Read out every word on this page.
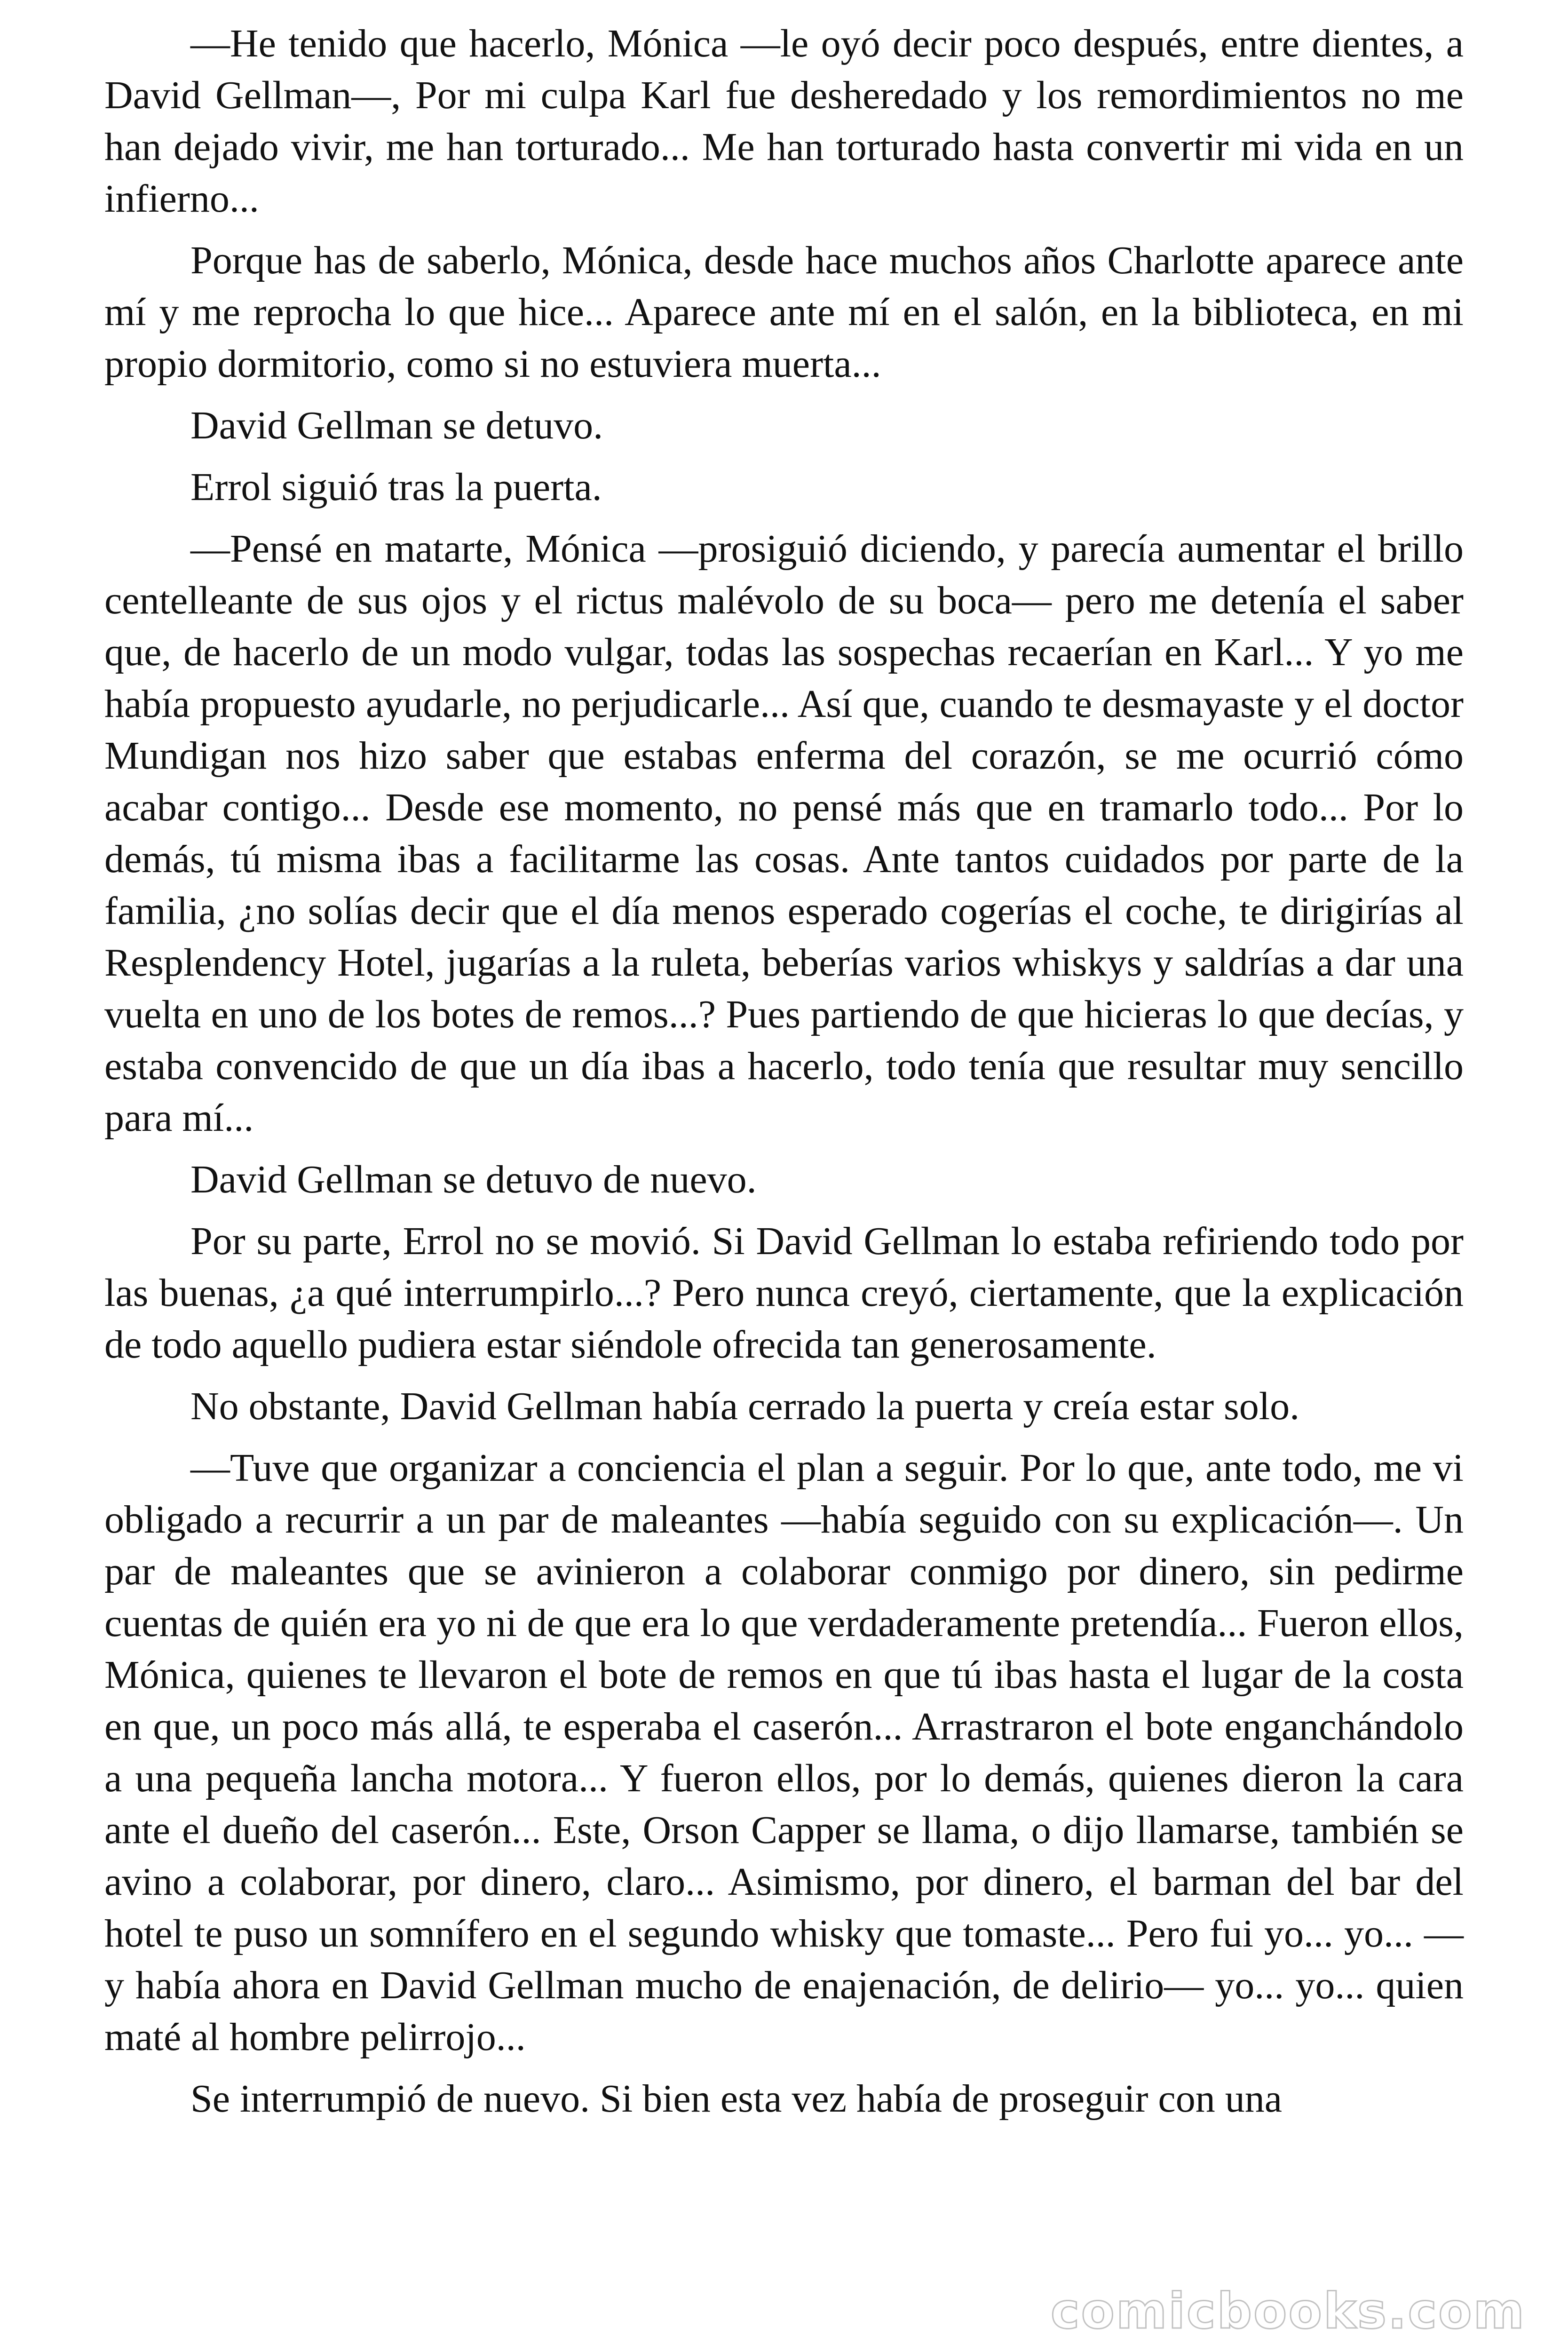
—He tenido que hacerlo, Mónica —le oyó decir poco después, entre dientes, a David Gellman—, Por mi culpa Karl fue desheredado y los remordimientos no me han dejado vivir, me han torturado... Me han torturado hasta convertir mi vida en un infierno...

Porque has de saberlo, Mónica, desde hace muchos años Charlotte aparece ante mí y me reprocha lo que hice... Aparece ante mí en el salón, en la biblioteca, en mi propio dormitorio, como si no estuviera muerta...

David Gellman se detuvo.

Errol siguió tras la puerta.

—Pensé en matarte, Mónica —prosiguió diciendo, y parecía aumentar el brillo centelleante de sus ojos y el rictus malévolo de su boca— pero me detenía el saber que, de hacerlo de un modo vulgar, todas las sospechas recaerían en Karl... Y yo me había propuesto ayudarle, no perjudicarle... Así que, cuando te desmayaste y el doctor Mundigan nos hizo saber que estabas enferma del corazón, se me ocurrió cómo acabar contigo... Desde ese momento, no pensé más que en tramarlo todo... Por lo demás, tú misma ibas a facilitarme las cosas. Ante tantos cuidados por parte de la familia, ¿no solías decir que el día menos esperado cogerías el coche, te dirigirías al Resplendency Hotel, jugarías a la ruleta, beberías varios whiskys y saldrías a dar una vuelta en uno de los botes de remos...? Pues partiendo de que hicieras lo que decías, y estaba convencido de que un día ibas a hacerlo, todo tenía que resultar muy sencillo para mí...

David Gellman se detuvo de nuevo.

Por su parte, Errol no se movió. Si David Gellman lo estaba refiriendo todo por las buenas, ¿a qué interrumpirlo...? Pero nunca creyó, ciertamente, que la explicación de todo aquello pudiera estar siéndole ofrecida tan generosamente.

No obstante, David Gellman había cerrado la puerta y creía estar solo.

—Tuve que organizar a conciencia el plan a seguir. Por lo que, ante todo, me vi obligado a recurrir a un par de maleantes —había seguido con su explicación—. Un par de maleantes que se avinieron a colaborar conmigo por dinero, sin pedirme cuentas de quién era yo ni de que era lo que verdaderamente pretendía... Fueron ellos, Mónica, quienes te llevaron el bote de remos en que tú ibas hasta el lugar de la costa en que, un poco más allá, te esperaba el caserón... Arrastraron el bote enganchándolo a una pequeña lancha motora... Y fueron ellos, por lo demás, quienes dieron la cara ante el dueño del caserón... Este, Orson Capper se llama, o dijo llamarse, también se avino a colaborar, por dinero, claro... Asimismo, por dinero, el barman del bar del hotel te puso un somnífero en el segundo whisky que tomaste... Pero fui yo... yo... —y había ahora en David Gellman mucho de enajenación, de delirio— yo... yo... quien maté al hombre pelirrojo...

Se interrumpió de nuevo. Si bien esta vez había de proseguir con una

comicbooks.com
